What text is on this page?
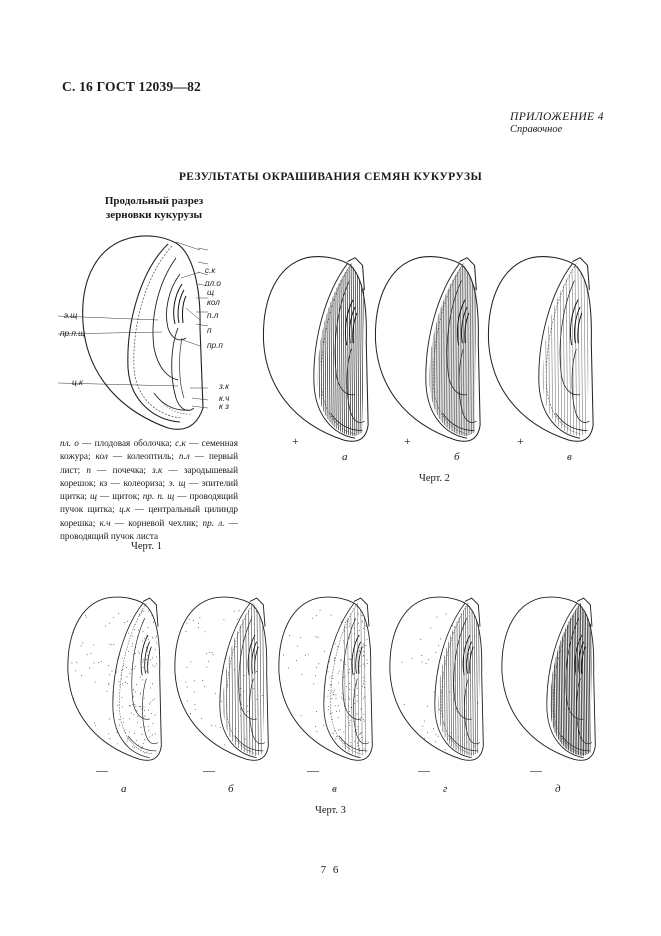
С. 16 ГОСТ 12039—82
ПРИЛОЖЕНИЕ 4
Справочное
РЕЗУЛЬТАТЫ ОКРАШИВАНИЯ СЕМЯН КУКУРУЗЫ
Продольный разрез
зерновки кукурузы
с.к
пл.о
щ
кол
п.л
п
пр.п
з.к
к.ч
к з
э.щ
пр.п.щ
ц.к
пл. о — плодовая оболочка; с.к — семенная кожура; кол — колеоптиль; п.л — первый лист; п — почечка; з.к — зародышевый корешок; кз — колеориза; э. щ — эпителий щитка; щ — щиток; пр. п. щ — проводящий пучок щитка; ц.к — центральный цилиндр корешка; к.ч — корневой чехлик; пр. л. — проводящий пучок листа
Черт. 1
+
а
+
б
+
в
Черт. 2
—
а
—
б
—
в
—
г
—
д
Черт. 3
7 6
